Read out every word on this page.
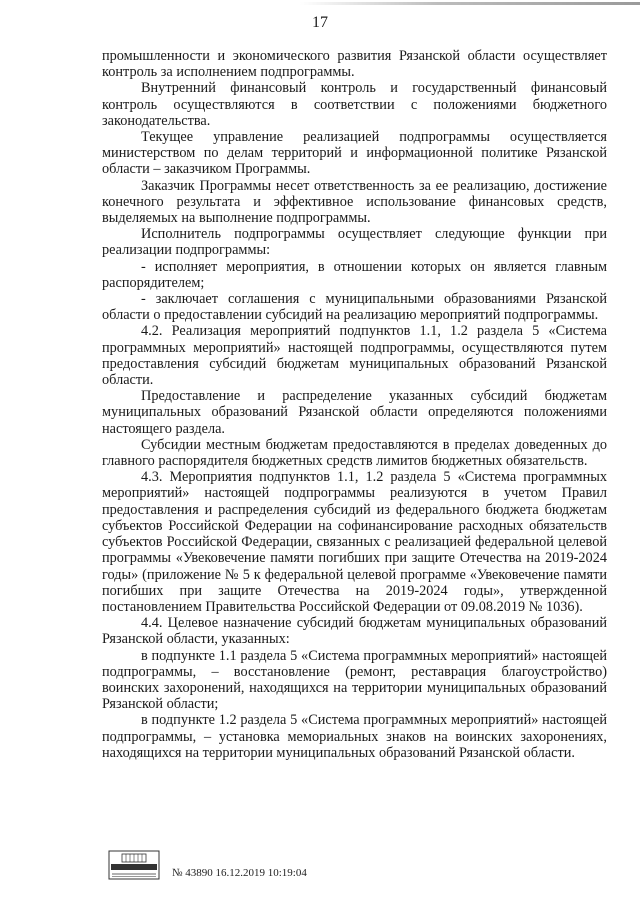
17

промышленности и экономического развития Рязанской области осуществляет контроль за исполнением подпрограммы.

Внутренний финансовый контроль и государственный финансовый контроль осуществляются в соответствии с положениями бюджетного законодательства.

Текущее управление реализацией подпрограммы осуществляется министерством по делам территорий и информационной политике Рязанской области – заказчиком Программы.

Заказчик Программы несет ответственность за ее реализацию, достижение конечного результата и эффективное использование финансовых средств, выделяемых на выполнение подпрограммы.

Исполнитель подпрограммы осуществляет следующие функции при реализации подпрограммы:

- исполняет мероприятия, в отношении которых он является главным распорядителем;

- заключает соглашения с муниципальными образованиями Рязанской области о предоставлении субсидий на реализацию мероприятий подпрограммы.

4.2. Реализация мероприятий подпунктов 1.1, 1.2 раздела 5 «Система программных мероприятий» настоящей подпрограммы, осуществляются путем предоставления субсидий бюджетам муниципальных образований Рязанской области.

Предоставление и распределение указанных субсидий бюджетам муниципальных образований Рязанской области определяются положениями настоящего раздела.

Субсидии местным бюджетам предоставляются в пределах доведенных до главного распорядителя бюджетных средств лимитов бюджетных обязательств.

4.3. Мероприятия подпунктов 1.1, 1.2 раздела 5 «Система программных мероприятий» настоящей подпрограммы реализуются в учетом Правил предоставления и распределения субсидий из федерального бюджета бюджетам субъектов Российской Федерации на софинансирование расходных обязательств субъектов Российской Федерации, связанных с реализацией федеральной целевой программы «Увековечение памяти погибших при защите Отечества на 2019-2024 годы» (приложение № 5 к федеральной целевой программе «Увековечение памяти погибших при защите Отечества на 2019-2024 годы», утвержденной постановлением Правительства Российской Федерации от 09.08.2019 № 1036).

4.4. Целевое назначение субсидий бюджетам муниципальных образований Рязанской области, указанных:

в подпункте 1.1 раздела 5 «Система программных мероприятий» настоящей подпрограммы, – восстановление (ремонт, реставрация благоустройство) воинских захоронений, находящихся на территории муниципальных образований Рязанской области;

в подпункте 1.2 раздела 5 «Система программных мероприятий» настоящей подпрограммы, – установка мемориальных знаков на воинских захоронениях, находящихся на территории муниципальных образований Рязанской области.

№ 43890 16.12.2019 10:19:04
